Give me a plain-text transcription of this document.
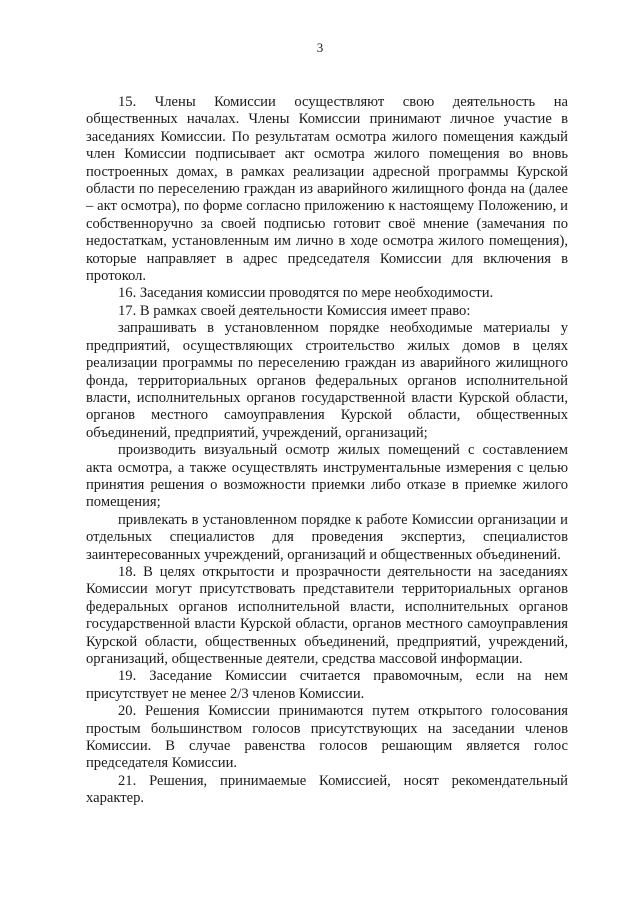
3

15. Члены Комиссии осуществляют свою деятельность на общественных началах. Члены Комиссии принимают личное участие в заседаниях Комиссии. По результатам осмотра жилого помещения каждый член Комиссии подписывает акт осмотра жилого помещения во вновь построенных домах, в рамках реализации адресной программы Курской области по переселению граждан из аварийного жилищного фонда на (далее – акт осмотра), по форме согласно приложению к настоящему Положению, и собственноручно за своей подписью готовит своё мнение (замечания по недостаткам, установленным им лично в ходе осмотра жилого помещения), которые направляет в адрес председателя Комиссии для включения в протокол.

16. Заседания комиссии проводятся по мере необходимости.

17. В рамках своей деятельности Комиссия имеет право:

запрашивать в установленном порядке необходимые материалы у предприятий, осуществляющих строительство жилых домов в целях реализации программы по переселению граждан из аварийного жилищного фонда, территориальных органов федеральных органов исполнительной власти, исполнительных органов государственной власти Курской области, органов местного самоуправления Курской области, общественных объединений, предприятий, учреждений, организаций;

производить визуальный осмотр жилых помещений с составлением акта осмотра, а также осуществлять инструментальные измерения с целью принятия решения о возможности приемки либо отказе в приемке жилого помещения;

привлекать в установленном порядке к работе Комиссии организации и отдельных специалистов для проведения экспертиз, специалистов заинтересованных учреждений, организаций и общественных объединений.

18. В целях открытости и прозрачности деятельности на заседаниях Комиссии могут присутствовать представители территориальных органов федеральных органов исполнительной власти, исполнительных органов государственной власти Курской области, органов местного самоуправления Курской области, общественных объединений, предприятий, учреждений, организаций, общественные деятели, средства массовой информации.

19. Заседание Комиссии считается правомочным, если на нем присутствует не менее 2/3 членов Комиссии.

20. Решения Комиссии принимаются путем открытого голосования простым большинством голосов присутствующих на заседании членов Комиссии. В случае равенства голосов решающим является голос председателя Комиссии.

21. Решения, принимаемые Комиссией, носят рекомендательный характер.
